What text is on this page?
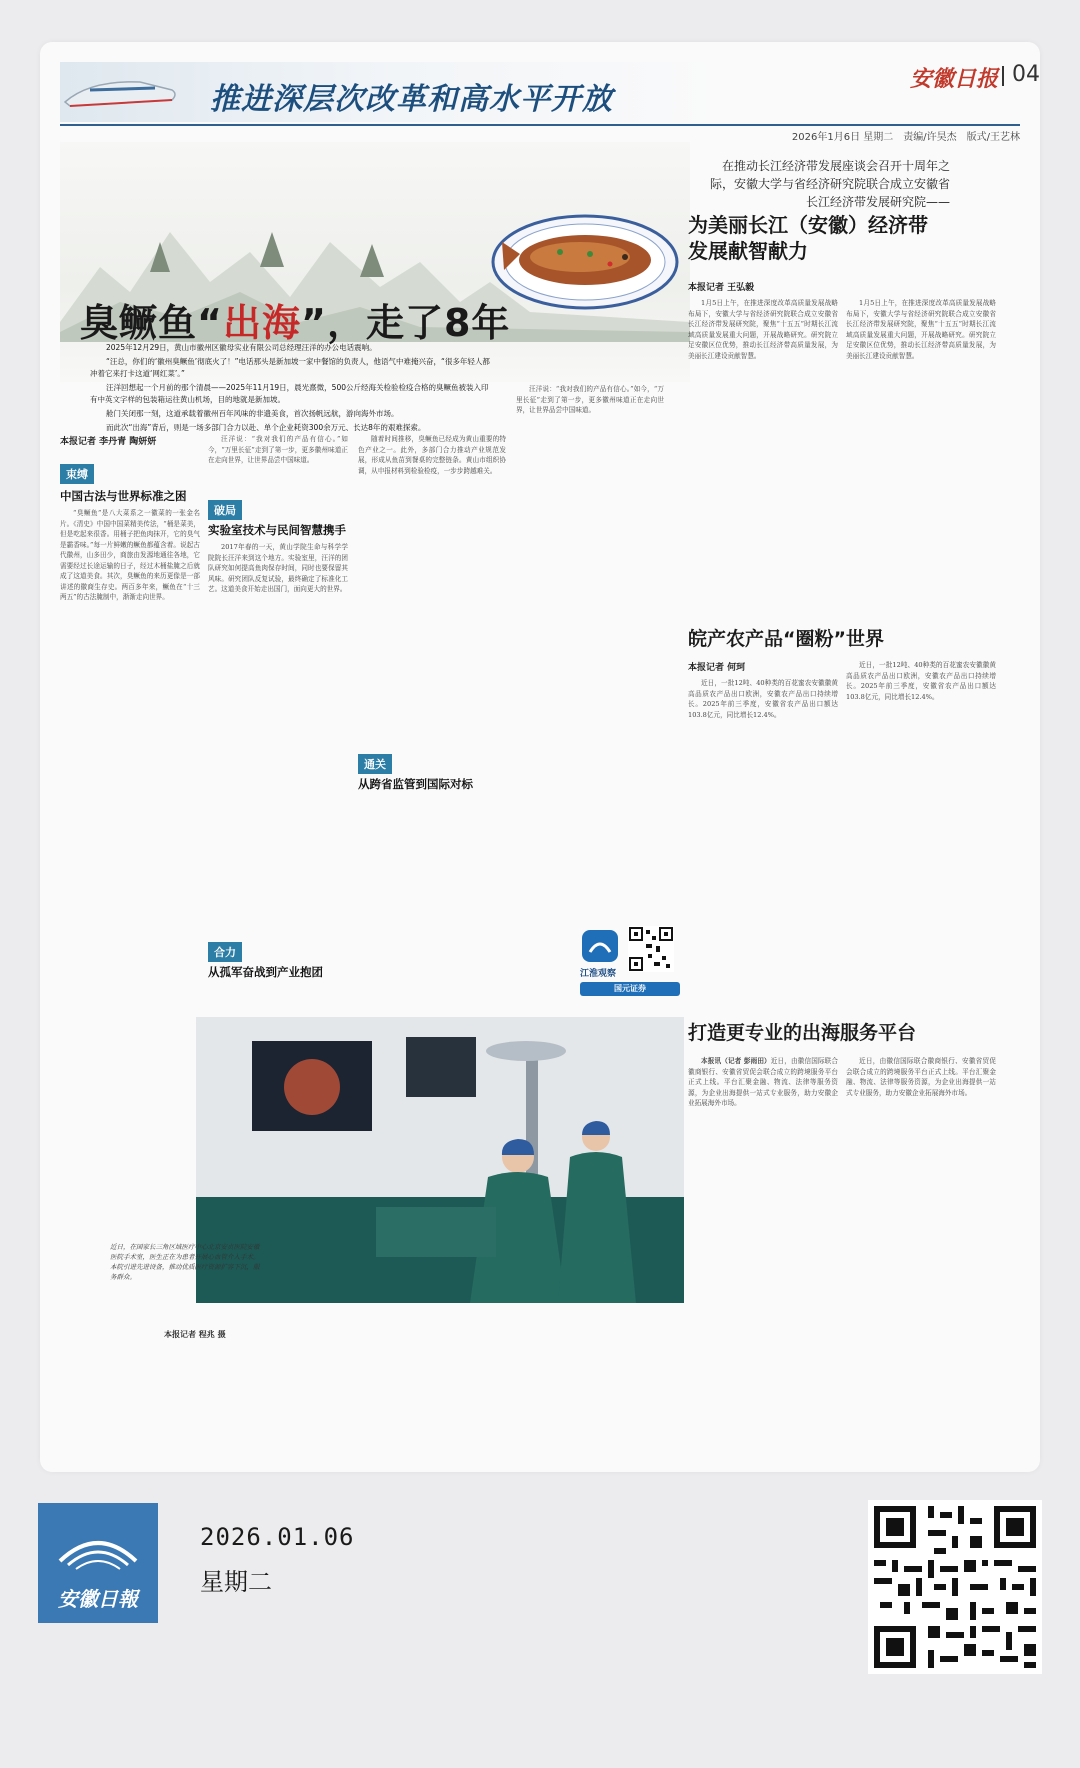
推进深层次改革和高水平开放
安徽日报 04
2026年1月6日 星期二　责编/许昊杰　版式/王艺林
臭鳜鱼“出海”，走了8年

2025年12月29日，黄山市徽州区徽母实业有限公司总经理汪洋的办公电话震响。

“汪总，你们的‘徽州臭鳜鱼’彻底火了！”电话那头是新加坡一家中餐馆的负责人，他语气中难掩兴奋，“很多年轻人都冲着它来打卡这道‘网红菜’。”

汪洋回想起一个月前的那个清晨——2025年11月19日，晨光熹微，500公斤经海关检验检疫合格的臭鳜鱼被装入印有中英文字样的包装箱运往黄山机场，目的地就是新加坡。

舱门关闭那一刻，这道承载着徽州百年风味的非遗美食，首次扬帆远航，游向海外市场。

而此次“出海”背后，则是一场多部门合力以赴、单个企业耗资300余万元、长达8年的艰难探索。

本报记者 李丹青 陶妍妍
束缚
中国古法与世界标准之困

“臭鳜鱼”是八大菜系之一徽菜的一张金名片。《清史》中国中国菜精美传法，“桶是菜美，但是吃起来很香。用桶子把鱼肉抹开，它的臭气是霸香味。”每一片鲜嫩的鳜鱼都蕴含着。说起古代徽州，山多田少，商旅由发源地通往各地，它需要经过长途运输的日子，经过木桶盐腌之后就成了这道美食。其次，臭鳜鱼的来历更像是一部讲述的徽商生存史。两百多年来，鳜鱼在“十三两五”的古法腌制中，渐渐走向世界。

汪洋说：“我对我们的产品有信心。”如今，“万里长征”走到了第一步，更多徽州味道正在走向世界，让世界品尝中国味道。

破局
实验室技术与民间智慧携手

2017年春的一天，黄山学院生命与科学学院院长汪洋来到这个地方。实验室里，汪洋的团队研究如何提高鱼肉保存时间，同时也要保留其风味。研究团队反复试验，最终确定了标准化工艺。这道美食开始走出国门，面向更大的世界。

合力
从孤军奋战到产业抱团

随着时间推移，臭鳜鱼已经成为黄山重要的特色产业之一。此外，多部门合力推动产业规范发展，形成从鱼苗到餐桌的完整链条。黄山市组织协调，从申报材料到检验检疫，一步步跨越难关。

通关
从跨省监管到国际对标

汪洋说：“我对我们的产品有信心。”如今，“万里长征”走到了第一步，更多徽州味道正在走向世界，让世界品尝中国味道。

江淮观察
国元证券
在推动长江经济带发展座谈会召开十周年之际，安徽大学与省经济研究院联合成立安徽省长江经济带发展研究院——
为美丽长江（安徽）经济带发展献智献力
本报记者 王弘毅

1月5日上午，在推进深度改革高质量发展战略布局下，安徽大学与省经济研究院联合成立安徽省长江经济带发展研究院，聚焦“十五五”时期长江流域高质量发展重大问题，开展战略研究。研究院立足安徽区位优势，推动长江经济带高质量发展，为美丽长江建设贡献智慧。

1月5日上午，在推进深度改革高质量发展战略布局下，安徽大学与省经济研究院联合成立安徽省长江经济带发展研究院，聚焦“十五五”时期长江流域高质量发展重大问题，开展战略研究。研究院立足安徽区位优势，推动长江经济带高质量发展，为美丽长江建设贡献智慧。

皖产农产品“圈粉”世界
本报记者 何珂

近日，一批12吨、40种类的百花蜜农安徽徽黄高品质农产品出口欧洲，安徽农产品出口持续增长。2025年前三季度，安徽省农产品出口额达103.8亿元，同比增长12.4%。

近日，一批12吨、40种类的百花蜜农安徽徽黄高品质农产品出口欧洲，安徽农产品出口持续增长。2025年前三季度，安徽省农产品出口额达103.8亿元，同比增长12.4%。

打造更专业的出海服务平台

本报讯（记者 彭雨田）近日，由徽信国际联合徽商银行、安徽省贸促会联合成立的跨境服务平台正式上线。平台汇聚金融、物流、法律等服务资源，为企业出海提供一站式专业服务，助力安徽企业拓展海外市场。

近日，由徽信国际联合徽商银行、安徽省贸促会联合成立的跨境服务平台正式上线。平台汇聚金融、物流、法律等服务资源，为企业出海提供一站式专业服务，助力安徽企业拓展海外市场。

近日，在国家长三角区域医疗中心北京安贞医院安徽医院手术室，医生正在为患者开展心血管介入手术。本院引进先进设备，推动优质医疗资源扩容下沉，服务群众。
本报记者 程兆 摄
安徽日報
2026.01.06
星期二
